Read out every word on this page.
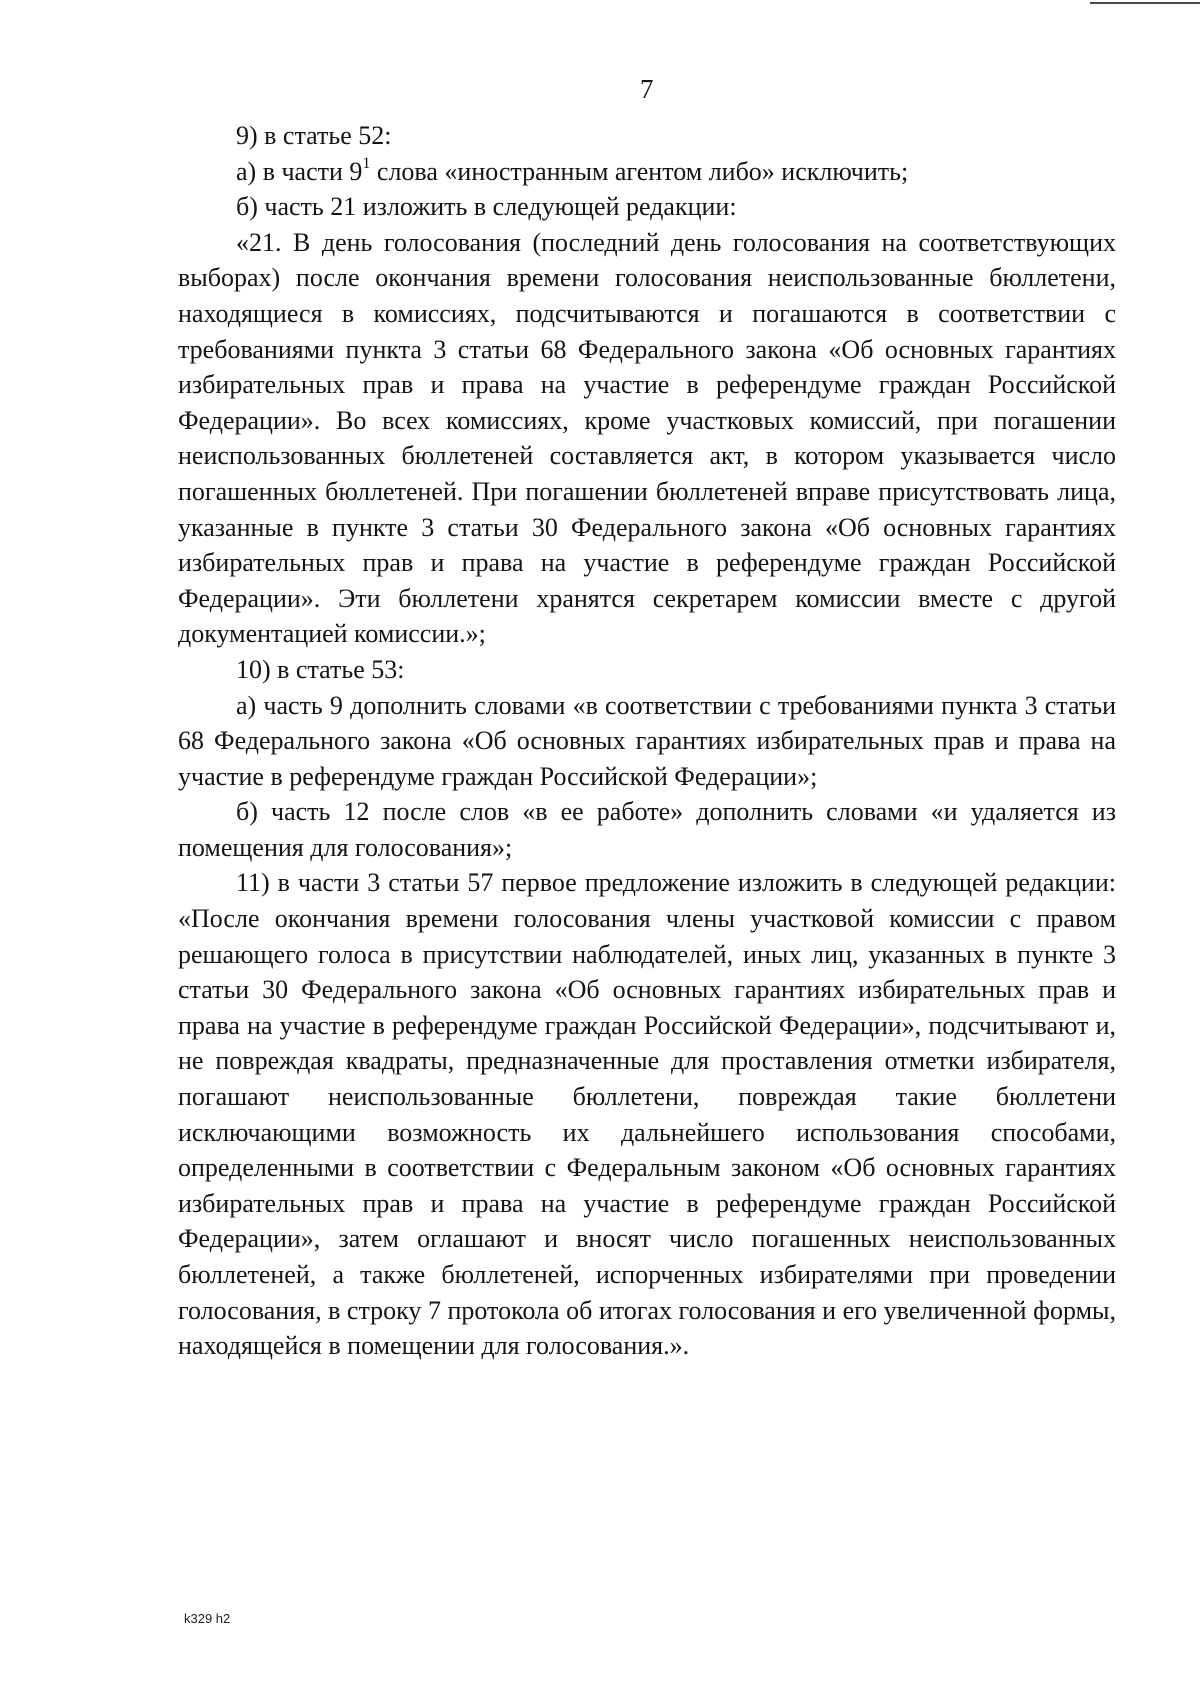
7

9) в статье 52:

а) в части $9^1$ слова «иностранным агентом либо» исключить;

б) часть 21 изложить в следующей редакции:

«21. В день голосования (последний день голосования на соответствующих выборах) после окончания времени голосования неиспользованные бюллетени, находящиеся в комиссиях, подсчитываются и погашаются в соответствии с требованиями пункта 3 статьи 68 Федерального закона «Об основных гарантиях избирательных прав и права на участие в референдуме граждан Российской Федерации». Во всех комиссиях, кроме участковых комиссий, при погашении неиспользованных бюллетеней составляется акт, в котором указывается число погашенных бюллетеней. При погашении бюллетеней вправе присутствовать лица, указанные в пункте 3 статьи 30 Федерального закона «Об основных гарантиях избирательных прав и права на участие в референдуме граждан Российской Федерации». Эти бюллетени хранятся секретарем комиссии вместе с другой документацией комиссии.»;

10) в статье 53:

а) часть 9 дополнить словами «в соответствии с требованиями пункта 3 статьи 68 Федерального закона «Об основных гарантиях избирательных прав и права на участие в референдуме граждан Российской Федерации»;

б) часть 12 после слов «в ее работе» дополнить словами «и удаляется из помещения для голосования»;

11) в части 3 статьи 57 первое предложение изложить в следующей редакции: «После окончания времени голосования члены участковой комиссии с правом решающего голоса в присутствии наблюдателей, иных лиц, указанных в пункте 3 статьи 30 Федерального закона «Об основных гарантиях избирательных прав и права на участие в референдуме граждан Российской Федерации», подсчитывают и, не повреждая квадраты, предназначенные для проставления отметки избирателя, погашают неиспользованные бюллетени, повреждая такие бюллетени исключающими возможность их дальнейшего использования способами, определенными в соответствии с Федеральным законом «Об основных гарантиях избирательных прав и права на участие в референдуме граждан Российской Федерации», затем оглашают и вносят число погашенных неиспользованных бюллетеней, а также бюллетеней, испорченных избирателями при проведении голосования, в строку 7 протокола об итогах голосования и его увеличенной формы, находящейся в помещении для голосования.».

k329 h2
